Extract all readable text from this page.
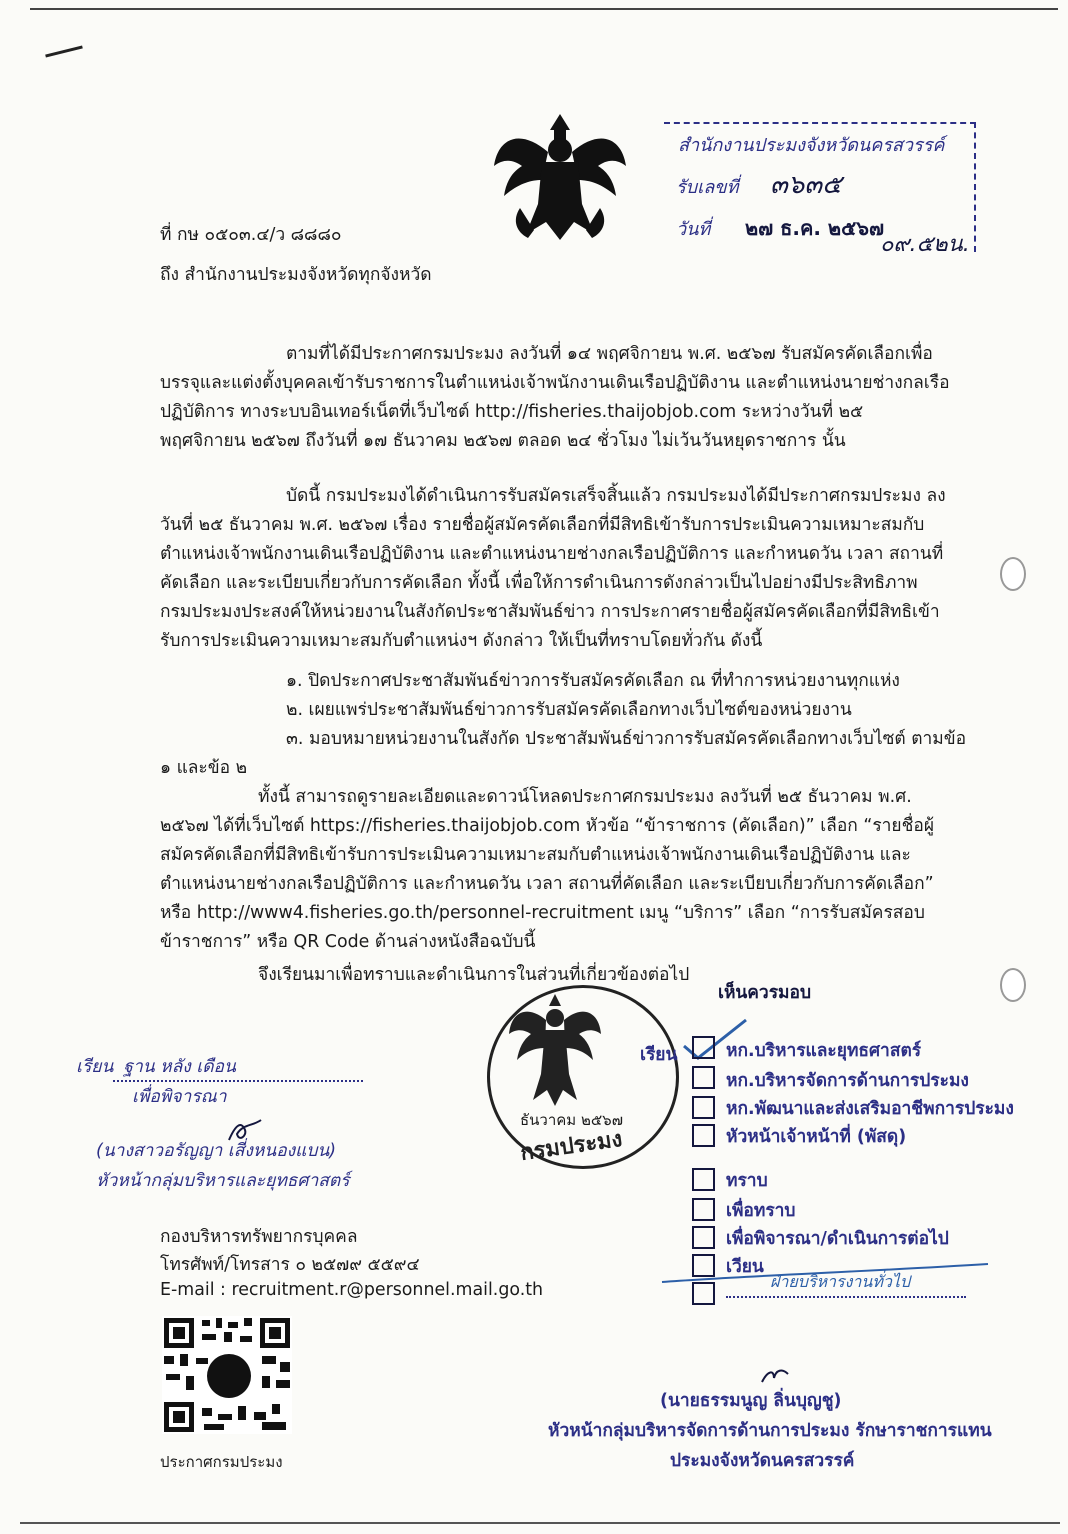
สำนักงานประมงจังหวัดนครสวรรค์
รับเลขที่ ๓๖๓๕
วันที่ ๒๗ ธ.ค. ๒๕๖๗
๐๙.๕๒น.
ที่ กษ ๐๕๐๓.๔/ว ๘๘๘๐
ถึง สำนักงานประมงจังหวัดทุกจังหวัด
ตามที่ได้มีประกาศกรมประมง ลงวันที่ ๑๔ พฤศจิกายน พ.ศ. ๒๕๖๗ รับสมัครคัดเลือกเพื่อบรรจุและแต่งตั้งบุคคลเข้ารับราชการในตำแหน่งเจ้าพนักงานเดินเรือปฏิบัติงาน และตำแหน่งนายช่างกลเรือปฏิบัติการ ทางระบบอินเทอร์เน็ตที่เว็บไซต์ http://fisheries.thaijobjob.com ระหว่างวันที่ ๒๕ พฤศจิกายน ๒๕๖๗ ถึงวันที่ ๑๗ ธันวาคม ๒๕๖๗ ตลอด ๒๔ ชั่วโมง ไม่เว้นวันหยุดราชการ นั้น
บัดนี้ กรมประมงได้ดำเนินการรับสมัครเสร็จสิ้นแล้ว กรมประมงได้มีประกาศกรมประมง ลงวันที่ ๒๕ ธันวาคม พ.ศ. ๒๕๖๗ เรื่อง รายชื่อผู้สมัครคัดเลือกที่มีสิทธิเข้ารับการประเมินความเหมาะสมกับตำแหน่งเจ้าพนักงานเดินเรือปฏิบัติงาน และตำแหน่งนายช่างกลเรือปฏิบัติการ และกำหนดวัน เวลา สถานที่คัดเลือก และระเบียบเกี่ยวกับการคัดเลือก ทั้งนี้ เพื่อให้การดำเนินการดังกล่าวเป็นไปอย่างมีประสิทธิภาพ กรมประมงประสงค์ให้หน่วยงานในสังกัดประชาสัมพันธ์ข่าว การประกาศรายชื่อผู้สมัครคัดเลือกที่มีสิทธิเข้ารับการประเมินความเหมาะสมกับตำแหน่งฯ ดังกล่าว ให้เป็นที่ทราบโดยทั่วกัน ดังนี้
๑. ปิดประกาศประชาสัมพันธ์ข่าวการรับสมัครคัดเลือก ณ ที่ทำการหน่วยงานทุกแห่ง
๒. เผยแพร่ประชาสัมพันธ์ข่าวการรับสมัครคัดเลือกทางเว็บไซต์ของหน่วยงาน
๓. มอบหมายหน่วยงานในสังกัด ประชาสัมพันธ์ข่าวการรับสมัครคัดเลือกทางเว็บไซต์ ตามข้อ
๑ และข้อ ๒
ทั้งนี้ สามารถดูรายละเอียดและดาวน์โหลดประกาศกรมประมง ลงวันที่ ๒๕ ธันวาคม พ.ศ. ๒๕๖๗ ได้ที่เว็บไซต์ https://fisheries.thaijobjob.com หัวข้อ “ข้าราชการ (คัดเลือก)” เลือก “รายชื่อผู้สมัครคัดเลือกที่มีสิทธิเข้ารับการประเมินความเหมาะสมกับตำแหน่งเจ้าพนักงานเดินเรือปฏิบัติงาน และตำแหน่งนายช่างกลเรือปฏิบัติการ และกำหนดวัน เวลา สถานที่คัดเลือก และระเบียบเกี่ยวกับการคัดเลือก” หรือ http://www4.fisheries.go.th/personnel-recruitment เมนู “บริการ” เลือก “การรับสมัครสอบข้าราชการ” หรือ QR Code ด้านล่างหนังสือฉบับนี้
จึงเรียนมาเพื่อทราบและดำเนินการในส่วนที่เกี่ยวข้องต่อไป
ธันวาคม ๒๕๖๗
กรมประมง
เรียน ฐาน หลัง เดือน
เพื่อพิจารณา
(นางสาวอรัญญา เสี่งหนองแบน)
หัวหน้ากลุ่มบริหารและยุทธศาสตร์
กองบริหารทรัพยากรบุคคล
โทรศัพท์/โทรสาร ๐ ๒๕๗๙ ๕๕๙๔
E-mail : recruitment.r@personnel.mail.go.th
ประกาศกรมประมง
เห็นควรมอบ
เรียน	หก.บริหารและยุทธศาสตร์
หก.บริหารจัดการด้านการประมง
หก.พัฒนาและส่งเสริมอาชีพการประมง
หัวหน้าเจ้าหน้าที่ (พัสดุ)
ทราบ
เพื่อทราบ
เพื่อพิจารณา/ดำเนินการต่อไป
เวียน
ฝ่ายบริหารงานทั่วไป
(นายธรรมนูญ ลิ่นบุญชู)
หัวหน้ากลุ่มบริหารจัดการด้านการประมง รักษาราชการแทน
ประมงจังหวัดนครสวรรค์
